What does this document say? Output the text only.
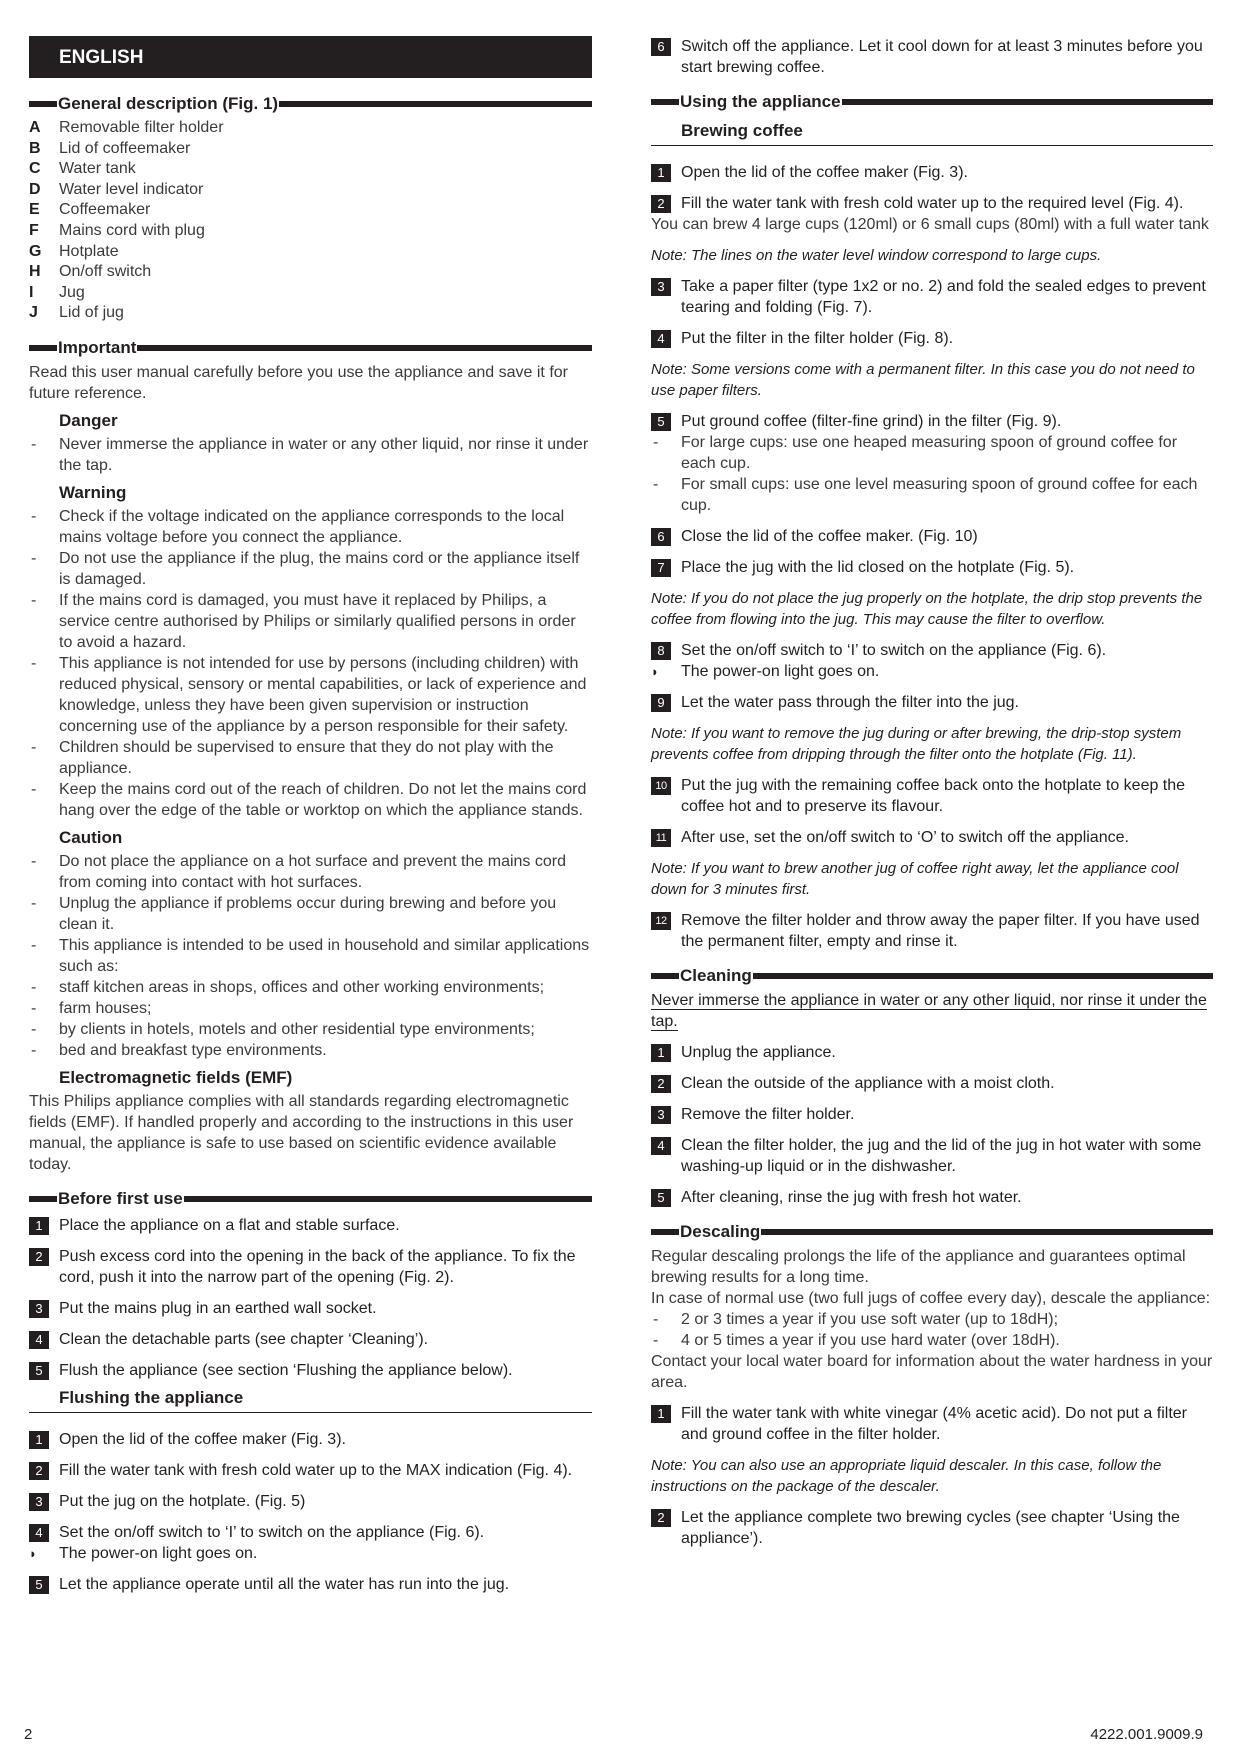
ENGLISH
General description (Fig. 1)
A	Removable filter holder
B	Lid of coffeemaker
C	Water tank
D	Water level indicator
E	Coffeemaker
F	Mains cord with plug
G	Hotplate
H	On/off switch
I	Jug
J	Lid of jug
Important

Read this user manual carefully before you use the appliance and save it for future reference.

Danger
-	Never immerse the appliance in water or any other liquid, nor rinse it under the tap.
Warning
-	Check if the voltage indicated on the appliance corresponds to the local mains voltage before you connect the appliance.
-	Do not use the appliance if the plug, the mains cord or the appliance itself is damaged.
-	If the mains cord is damaged, you must have it replaced by Philips, a service centre authorised by Philips or similarly qualified persons in order to avoid a hazard.
-	This appliance is not intended for use by persons (including children) with reduced physical, sensory or mental capabilities, or lack of experience and knowledge, unless they have been given supervision or instruction concerning use of the appliance by a person responsible for their safety.
-	Children should be supervised to ensure that they do not play with the appliance.
-	Keep the mains cord out of the reach of children. Do not let the mains cord hang over the edge of the table or worktop on which the appliance stands.
Caution
-	Do not place the appliance on a hot surface and prevent the mains cord from coming into contact with hot surfaces.
-	Unplug the appliance if problems occur during brewing and before you clean it.
-	This appliance is intended to be used in household and similar applications such as:
-	staff kitchen areas in shops, offices and other working environments;
-	farm houses;
-	by clients in hotels, motels and other residential type environments;
-	bed and breakfast type environments.
Electromagnetic fields (EMF)

This Philips appliance complies with all standards regarding electromagnetic fields (EMF). If handled properly and according to the instructions in this user manual, the appliance is safe to use based on scientific evidence available today.

Before first use
1	Place the appliance on a flat and stable surface.
2	Push excess cord into the opening in the back of the appliance. To fix the cord, push it into the narrow part of the opening (Fig. 2).
3	Put the mains plug in an earthed wall socket.
4	Clean the detachable parts (see chapter ‘Cleaning’).
5	Flush the appliance (see section ‘Flushing the appliance below).
Flushing the appliance
1	Open the lid of the coffee maker (Fig. 3).
2	Fill the water tank with fresh cold water up to the MAX indication (Fig. 4).
3	Put the jug on the hotplate. (Fig. 5)
4	Set the on/off switch to ‘I’ to switch on the appliance (Fig. 6).
◗	The power-on light goes on.
5	Let the appliance operate until all the water has run into the jug.
6	Switch off the appliance. Let it cool down for at least 3 minutes before you start brewing coffee.
Using the appliance
Brewing coffee
1	Open the lid of the coffee maker (Fig. 3).
2	Fill the water tank with fresh cold water up to the required level (Fig. 4).

You can brew 4 large cups (120ml) or 6 small cups (80ml) with a full water tank

Note: The lines on the water level window correspond to large cups.
3	Take a paper filter (type 1x2 or no. 2) and fold the sealed edges to prevent tearing and folding (Fig. 7).
4	Put the filter in the filter holder (Fig. 8).
Note: Some versions come with a permanent filter. In this case you do not need to use paper filters.
5	Put ground coffee (filter-fine grind) in the filter (Fig. 9).
-	For large cups: use one heaped measuring spoon of ground coffee for each cup.
-	For small cups: use one level measuring spoon of ground coffee for each cup.
6	Close the lid of the coffee maker. (Fig. 10)
7	Place the jug with the lid closed on the hotplate (Fig. 5).
Note: If you do not place the jug properly on the hotplate, the drip stop prevents the coffee from flowing into the jug. This may cause the filter to overflow.
8	Set the on/off switch to ‘I’ to switch on the appliance (Fig. 6).
◗	The power-on light goes on.
9	Let the water pass through the filter into the jug.
Note: If you want to remove the jug during or after brewing, the drip-stop system prevents coffee from dripping through the filter onto the hotplate (Fig. 11).
10 Put the jug with the remaining coffee back onto the hotplate to keep the coffee hot and to preserve its flavour.
11 After use, set the on/off switch to ‘O’ to switch off the appliance.
Note: If you want to brew another jug of coffee right away, let the appliance cool down for 3 minutes first.
12 Remove the filter holder and throw away the paper filter. If you have used the permanent filter, empty and rinse it.
Cleaning
Never immerse the appliance in water or any other liquid, nor rinse it under the tap.
1	Unplug the appliance.
2	Clean the outside of the appliance with a moist cloth.
3	Remove the filter holder.
4	Clean the filter holder, the jug and the lid of the jug in hot water with some washing-up liquid or in the dishwasher.
5	After cleaning, rinse the jug with fresh hot water.
Descaling

Regular descaling prolongs the life of the appliance and guarantees optimal brewing results for a long time.

In case of normal use (two full jugs of coffee every day), descale the appliance:

-	2 or 3 times a year if you use soft water (up to 18dH);
-	4 or 5 times a year if you use hard water (over 18dH).

Contact your local water board for information about the water hardness in your area.

1	Fill the water tank with white vinegar (4% acetic acid). Do not put a filter and ground coffee in the filter holder.
Note: You can also use an appropriate liquid descaler. In this case, follow the instructions on the package of the descaler.
2	Let the appliance complete two brewing cycles (see chapter ‘Using the appliance’).
2	4222.001.9009.9
